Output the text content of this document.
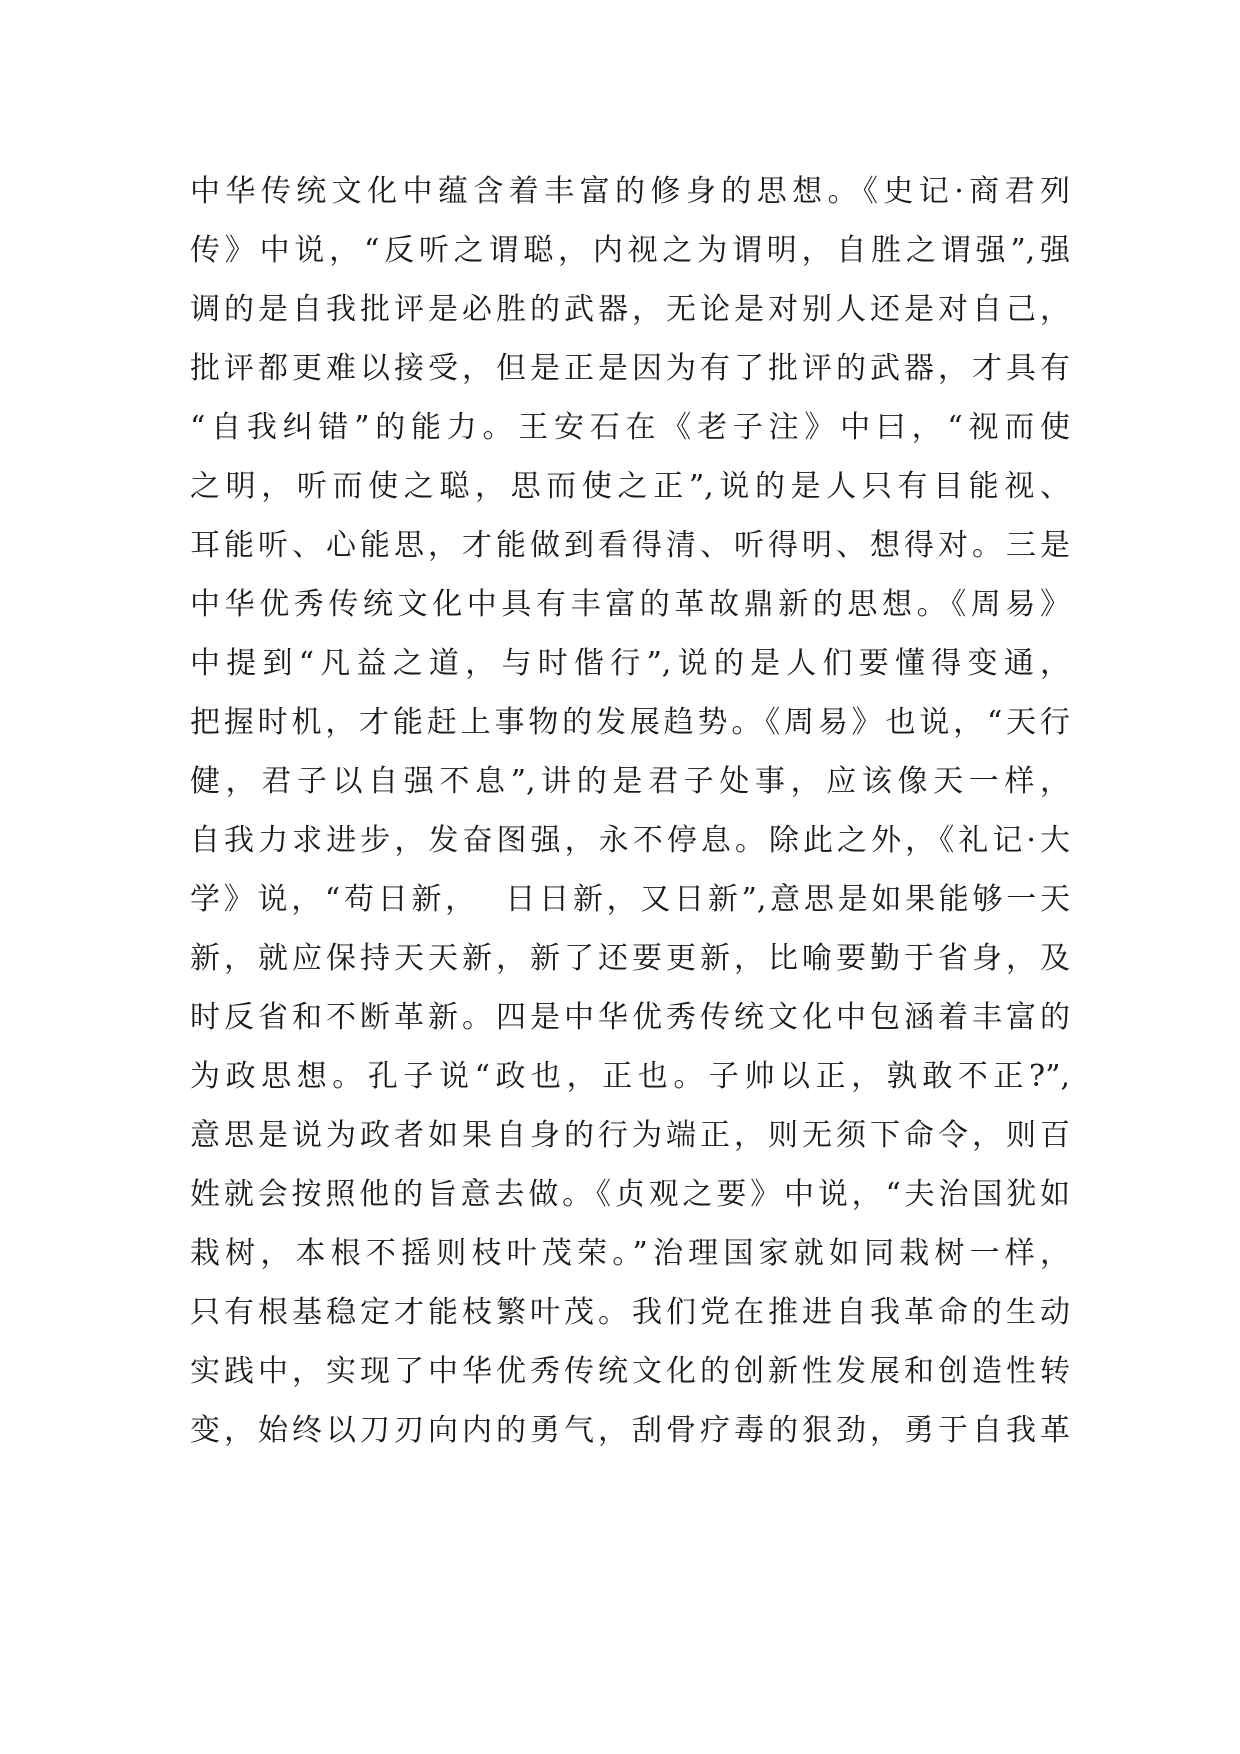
中华传统文化中蕴含着丰富的修身的思想。《史记·商君列
传》中说，“反听之谓聪，内视之为谓明，自胜之谓强”,强
调的是自我批评是必胜的武器，无论是对别人还是对自己，
批评都更难以接受，但是正是因为有了批评的武器，才具有
“自我纠错”的能力。王安石在《老子注》中曰，“视而使
之明，听而使之聪，思而使之正”,说的是人只有目能视、
耳能听、心能思，才能做到看得清、听得明、想得对。三是
中华优秀传统文化中具有丰富的革故鼎新的思想。《周易》
中提到“凡益之道，与时偕行”,说的是人们要懂得变通，
把握时机，才能赶上事物的发展趋势。《周易》也说，“天行
健，君子以自强不息”,讲的是君子处事，应该像天一样，
自我力求进步，发奋图强，永不停息。除此之外，《礼记·大
学》说，“苟日新，  日日新，又日新”,意思是如果能够一天
新，就应保持天天新，新了还要更新，比喻要勤于省身，及
时反省和不断革新。四是中华优秀传统文化中包涵着丰富的
为政思想。孔子说“政也，正也。子帅以正，孰敢不正?”,
意思是说为政者如果自身的行为端正，则无须下命令，则百
姓就会按照他的旨意去做。《贞观之要》中说，“夫治国犹如
栽树，本根不摇则枝叶茂荣。”治理国家就如同栽树一样，
只有根基稳定才能枝繁叶茂。我们党在推进自我革命的生动
实践中，实现了中华优秀传统文化的创新性发展和创造性转
变，始终以刀刃向内的勇气，刮骨疗毒的狠劲，勇于自我革
